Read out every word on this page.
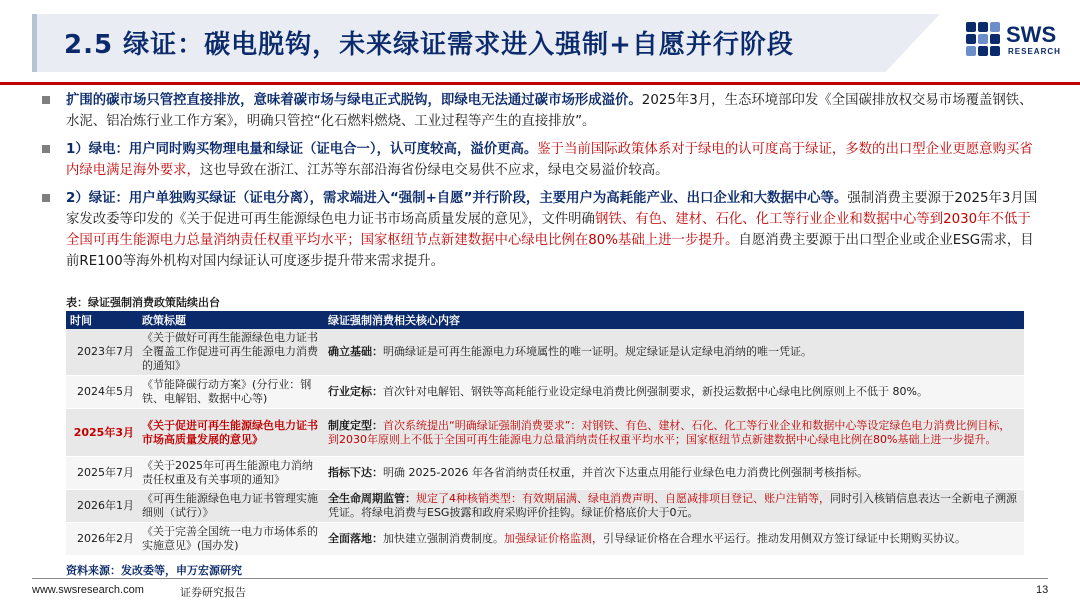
2.5 绿证：碳电脱钩，未来绿证需求进入强制+自愿并行阶段	SWS
RESEARCH
扩围的碳市场只管控直接排放，意味着碳市场与绿电正式脱钩，即绿电无法通过碳市场形成溢价。2025年3月，生态环境部印发《全国碳排放权交易市场覆盖钢铁、水泥、铝冶炼行业工作方案》，明确只管控“化石燃料燃烧、工业过程等产生的直接排放”。
1）绿电：用户同时购买物理电量和绿证（证电合一），认可度较高，溢价更高。鉴于当前国际政策体系对于绿电的认可度高于绿证，多数的出口型企业更愿意购买省内绿电满足海外要求，这也导致在浙江、江苏等东部沿海省份绿电交易供不应求，绿电交易溢价较高。
2）绿证：用户单独购买绿证（证电分离），需求端进入“强制+自愿”并行阶段，主要用户为高耗能产业、出口企业和大数据中心等。强制消费主要源于2025年3月国家发改委等印发的《关于促进可再生能源绿色电力证书市场高质量发展的意见》，文件明确钢铁、有色、建材、石化、化工等行业企业和数据中心等到2030年不低于全国可再生能源电力总量消纳责任权重平均水平；国家枢纽节点新建数据中心绿电比例在80%基础上进一步提升。自愿消费主要源于出口型企业或企业ESG需求，目前RE100等海外机构对国内绿证认可度逐步提升带来需求提升。
表：绿证强制消费政策陆续出台
时间	政策标题	绿证强制消费相关核心内容
2023年7月	《关于做好可再生能源绿色电力证书全覆盖工作促进可再生能源电力消费的通知》	确立基础：明确绿证是可再生能源电力环境属性的唯一证明。规定绿证是认定绿电消纳的唯一凭证。
2024年5月	《节能降碳行动方案》(分行业：钢铁、电解铝、数据中心等)	行业定标：首次针对电解铝、钢铁等高耗能行业设定绿电消费比例强制要求，新投运数据中心绿电比例原则上不低于 80%。
2025年3月	《关于促进可再生能源绿色电力证书市场高质量发展的意见》	制度定型：首次系统提出“明确绿证强制消费要求”：对钢铁、有色、建材、石化、化工等行业企业和数据中心等设定绿色电力消费比例目标，到2030年原则上不低于全国可再生能源电力总量消纳责任权重平均水平；国家枢纽节点新建数据中心绿电比例在80%基础上进一步提升。
2025年7月	《关于2025年可再生能源电力消纳责任权重及有关事项的通知》	指标下达：明确 2025-2026 年各省消纳责任权重，并首次下达重点用能行业绿色电力消费比例强制考核指标。
2026年1月	《可再生能源绿色电力证书管理实施细则（试行）》	全生命周期监管：规定了4种核销类型：有效期届满、绿电消费声明、自愿减排项目登记、账户注销等，同时引入核销信息表达一全新电子溯源凭证。将绿电消费与ESG披露和政府采购评价挂钩。绿证价格底价大于0元。
2026年2月	《关于完善全国统一电力市场体系的实施意见》(国办发)	全面落地：加快建立强制消费制度。加强绿证价格监测，引导绿证价格在合理水平运行。推动发用侧双方签订绿证中长期购买协议。
资料来源：发改委等，申万宏源研究
www.swsresearch.com	证券研究报告	13
